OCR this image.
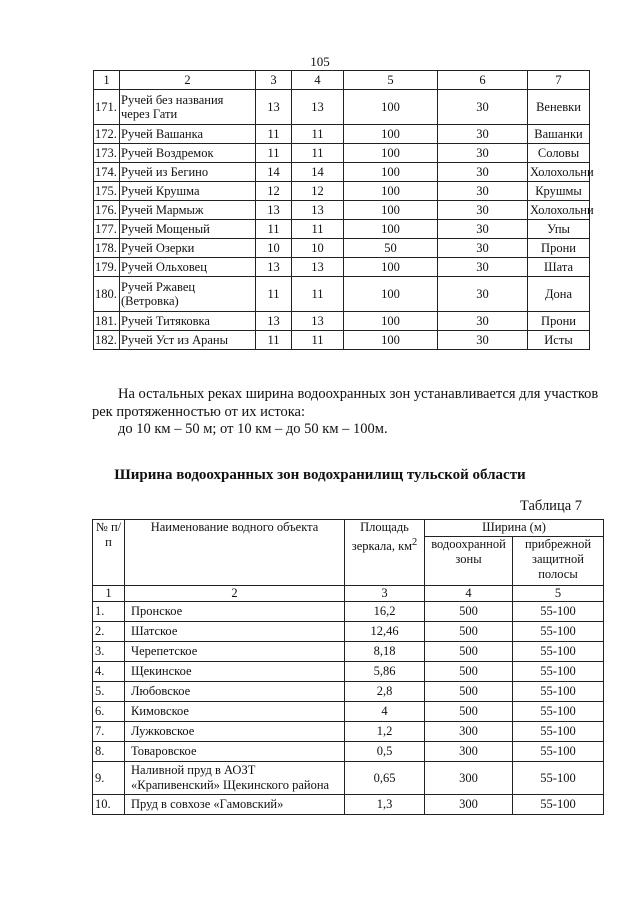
105
1	2	3	4	5	6	7
171.	Ручей без названия через Гати	13	13	100	30	Веневки
172.	Ручей Вашанка	11	11	100	30	Вашанки
173.	Ручей Воздремок	11	11	100	30	Соловы
174.	Ручей из Бегино	14	14	100	30	Холохольни
175.	Ручей Крушма	12	12	100	30	Крушмы
176.	Ручей Мармыж	13	13	100	30	Холохольни
177.	Ручей Мощеный	11	11	100	30	Упы
178.	Ручей Озерки	10	10	50	30	Прони
179.	Ручей Ольховец	13	13	100	30	Шата
180.	Ручей Ржавец (Ветровка)	11	11	100	30	Дона
181.	Ручей Титяковка	13	13	100	30	Прони
182.	Ручей Уст из Араны	11	11	100	30	Исты
На остальных реках ширина водоохранных зон устанавливается для участков рек протяженностью от их истока:
до 10 км – 50 м; от 10 км – до 50 км – 100м.
Ширина водоохранных зон водохранилищ тульской области
Таблица 7
№ п/п	Наименование водного объекта	Площадь зеркала, $км^2$	Ширина (м)	
			водоохранной зоны	прибрежной защитной полосы
1	2	3	4	5
1.	Пронское	16,2	500	55-100
2.	Шатское	12,46	500	55-100
3.	Черепетское	8,18	500	55-100
4.	Щекинское	5,86	500	55-100
5.	Любовское	2,8	500	55-100
6.	Кимовское	4	500	55-100
7.	Лужковское	1,2	300	55-100
8.	Товаровское	0,5	300	55-100
9.	Наливной пруд в АОЗТ «Крапивенский» Щекинского района	0,65	300	55-100
10.	Пруд в совхозе «Гамовский»	1,3	300	55-100
